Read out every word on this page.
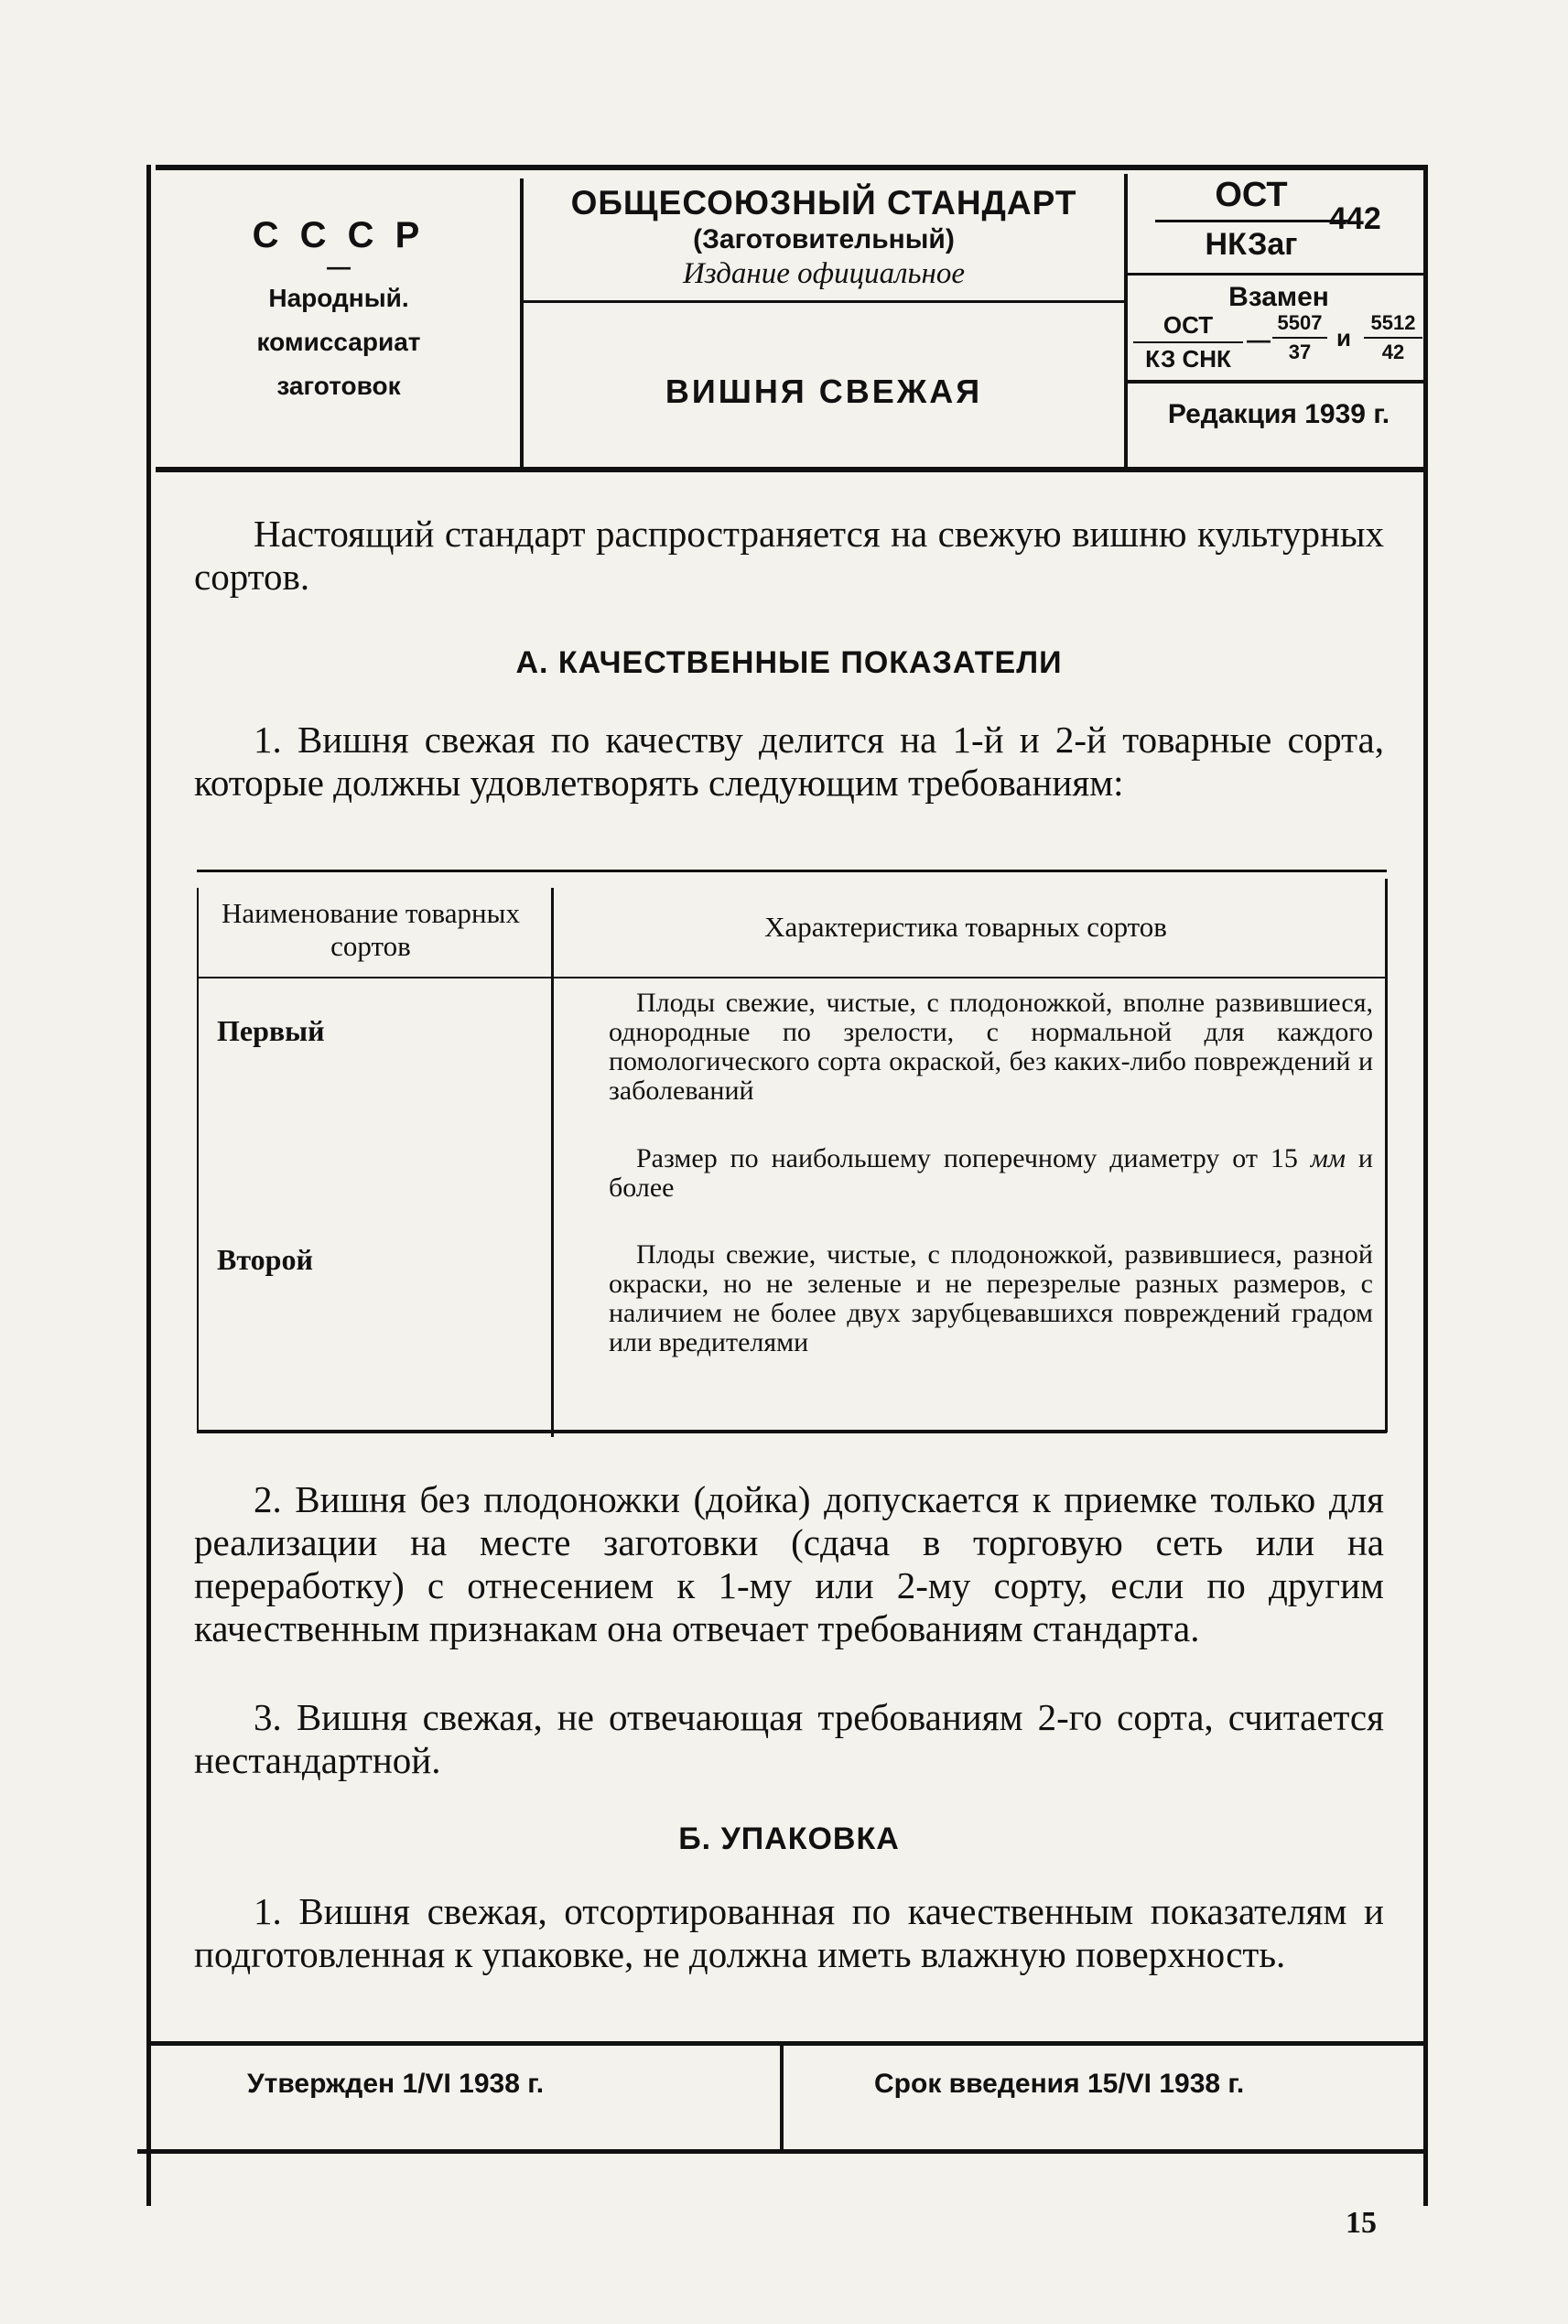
С С С Р
—
Народный.
комиссариат
заготовок
ОБЩЕСОЮЗНЫЙ СТАНДАРТ
(Заготовительный)
Издание официальное
ВИШНЯ СВЕЖАЯ
ОСТ
НКЗаг
442
Взамен
ОСТ
КЗ СНК
—
5507
37
и
5512
42
Редакция 1939 г.
Настоящий стандарт распространяется на свежую вишню культурных сортов.
А. КАЧЕСТВЕННЫЕ ПОКАЗАТЕЛИ
1. Вишня свежая по качеству делится на 1-й и 2-й товарные сорта, которые должны удовлетворять следующим требованиям:
Наименование товарных сортов
Характеристика товарных сортов
Первый
Плоды свежие, чистые, с плодоножкой, вполне развившиеся, однородные по зрелости, с нормальной для каждого помологического сорта окраской, без каких-либо повреждений и заболеваний
Размер по наибольшему поперечному диаметру от 15 мм и более
Второй	Плоды свежие, чистые, с плодоножкой, развившиеся, разной окраски, но не зеленые и не перезрелые разных размеров, с наличием не более двух зарубцевавшихся повреждений градом или вредителями
2. Вишня без плодоножки (дойка) допускается к приемке только для реализации на месте заготовки (сдача в торговую сеть или на переработку) с отнесением к 1-му или 2-му сорту, если по другим качественным признакам она отвечает требованиям стандарта.
3. Вишня свежая, не отвечающая требованиям 2-го сорта, считается нестандартной.
Б. УПАКОВКА
1. Вишня свежая, отсортированная по качественным показателям и подготовленная к упаковке, не должна иметь влажную поверхность.
Утвержден 1/VI 1938 г.	Срок введения 15/VI 1938 г.
15
